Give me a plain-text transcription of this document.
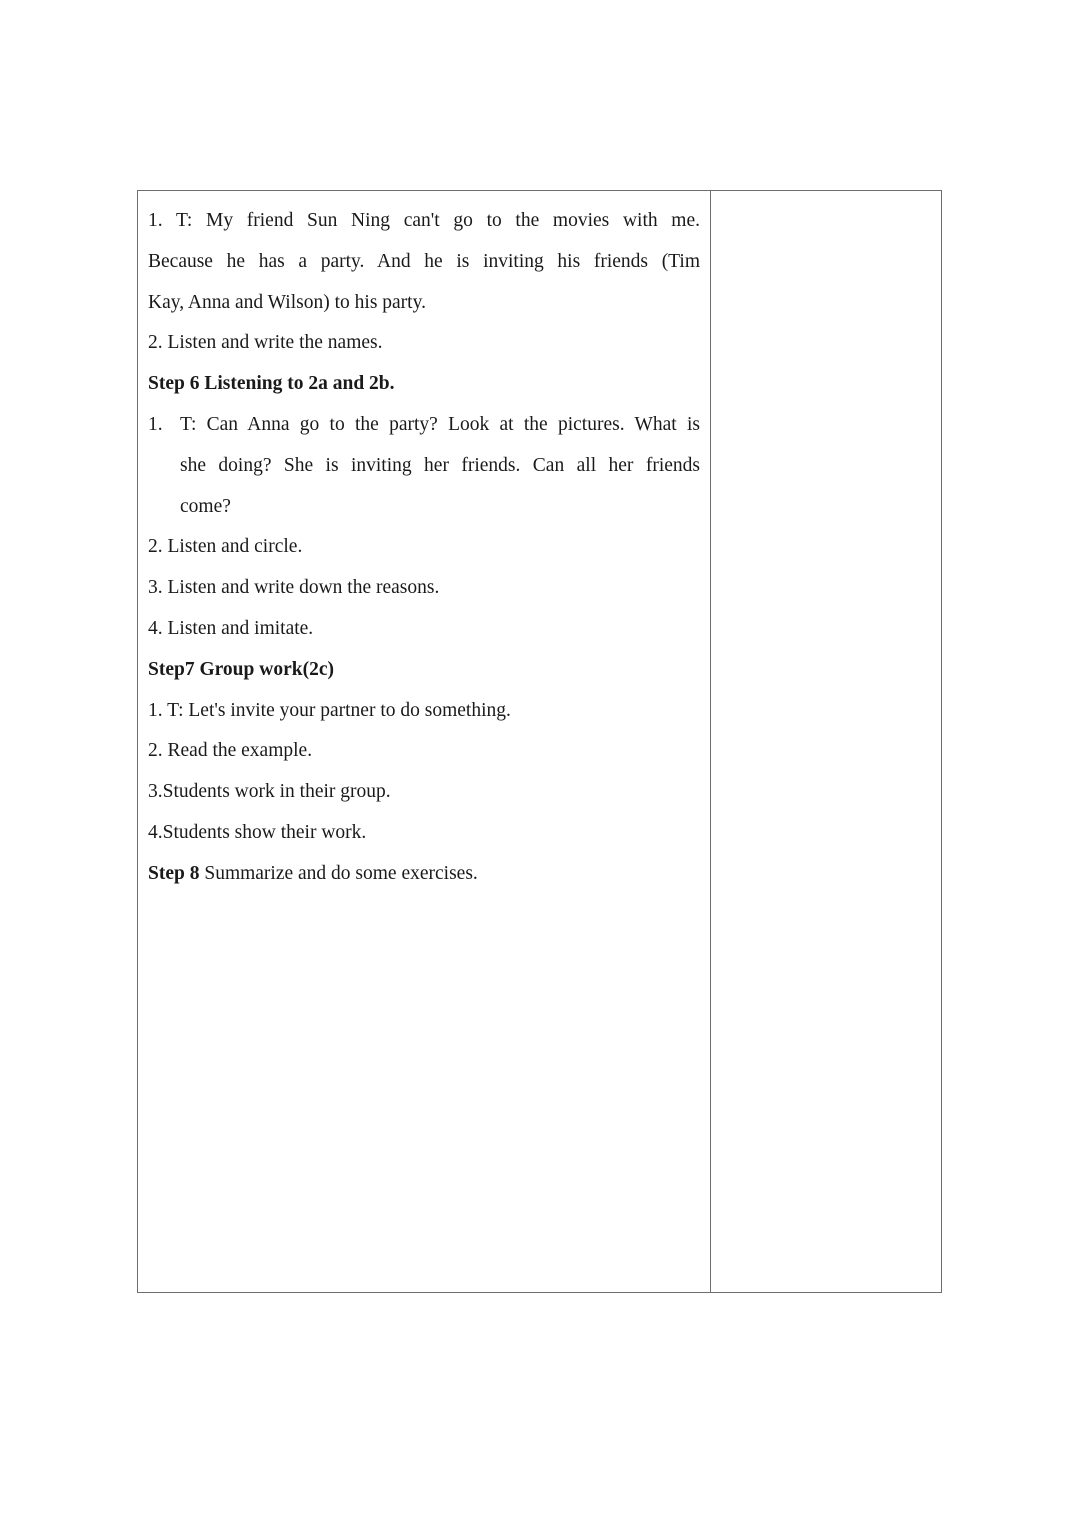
1. T: My friend Sun Ning can't go to the movies with me.

Because he has a party. And he is inviting his friends (Tim

Kay, Anna and Wilson) to his party.

2. Listen and write the names.

Step 6 Listening to 2a and 2b.

1. T: Can Anna go to the party? Look at the pictures. What is

she doing? She is inviting her friends. Can all her friends

come?

2. Listen and circle.

3. Listen and write down the reasons.

4. Listen and imitate.

Step7 Group work(2c)

1. T: Let's invite your partner to do something.

2. Read the example.

3.Students work in their group.

4.Students show their work.

Step 8 Summarize and do some exercises.
